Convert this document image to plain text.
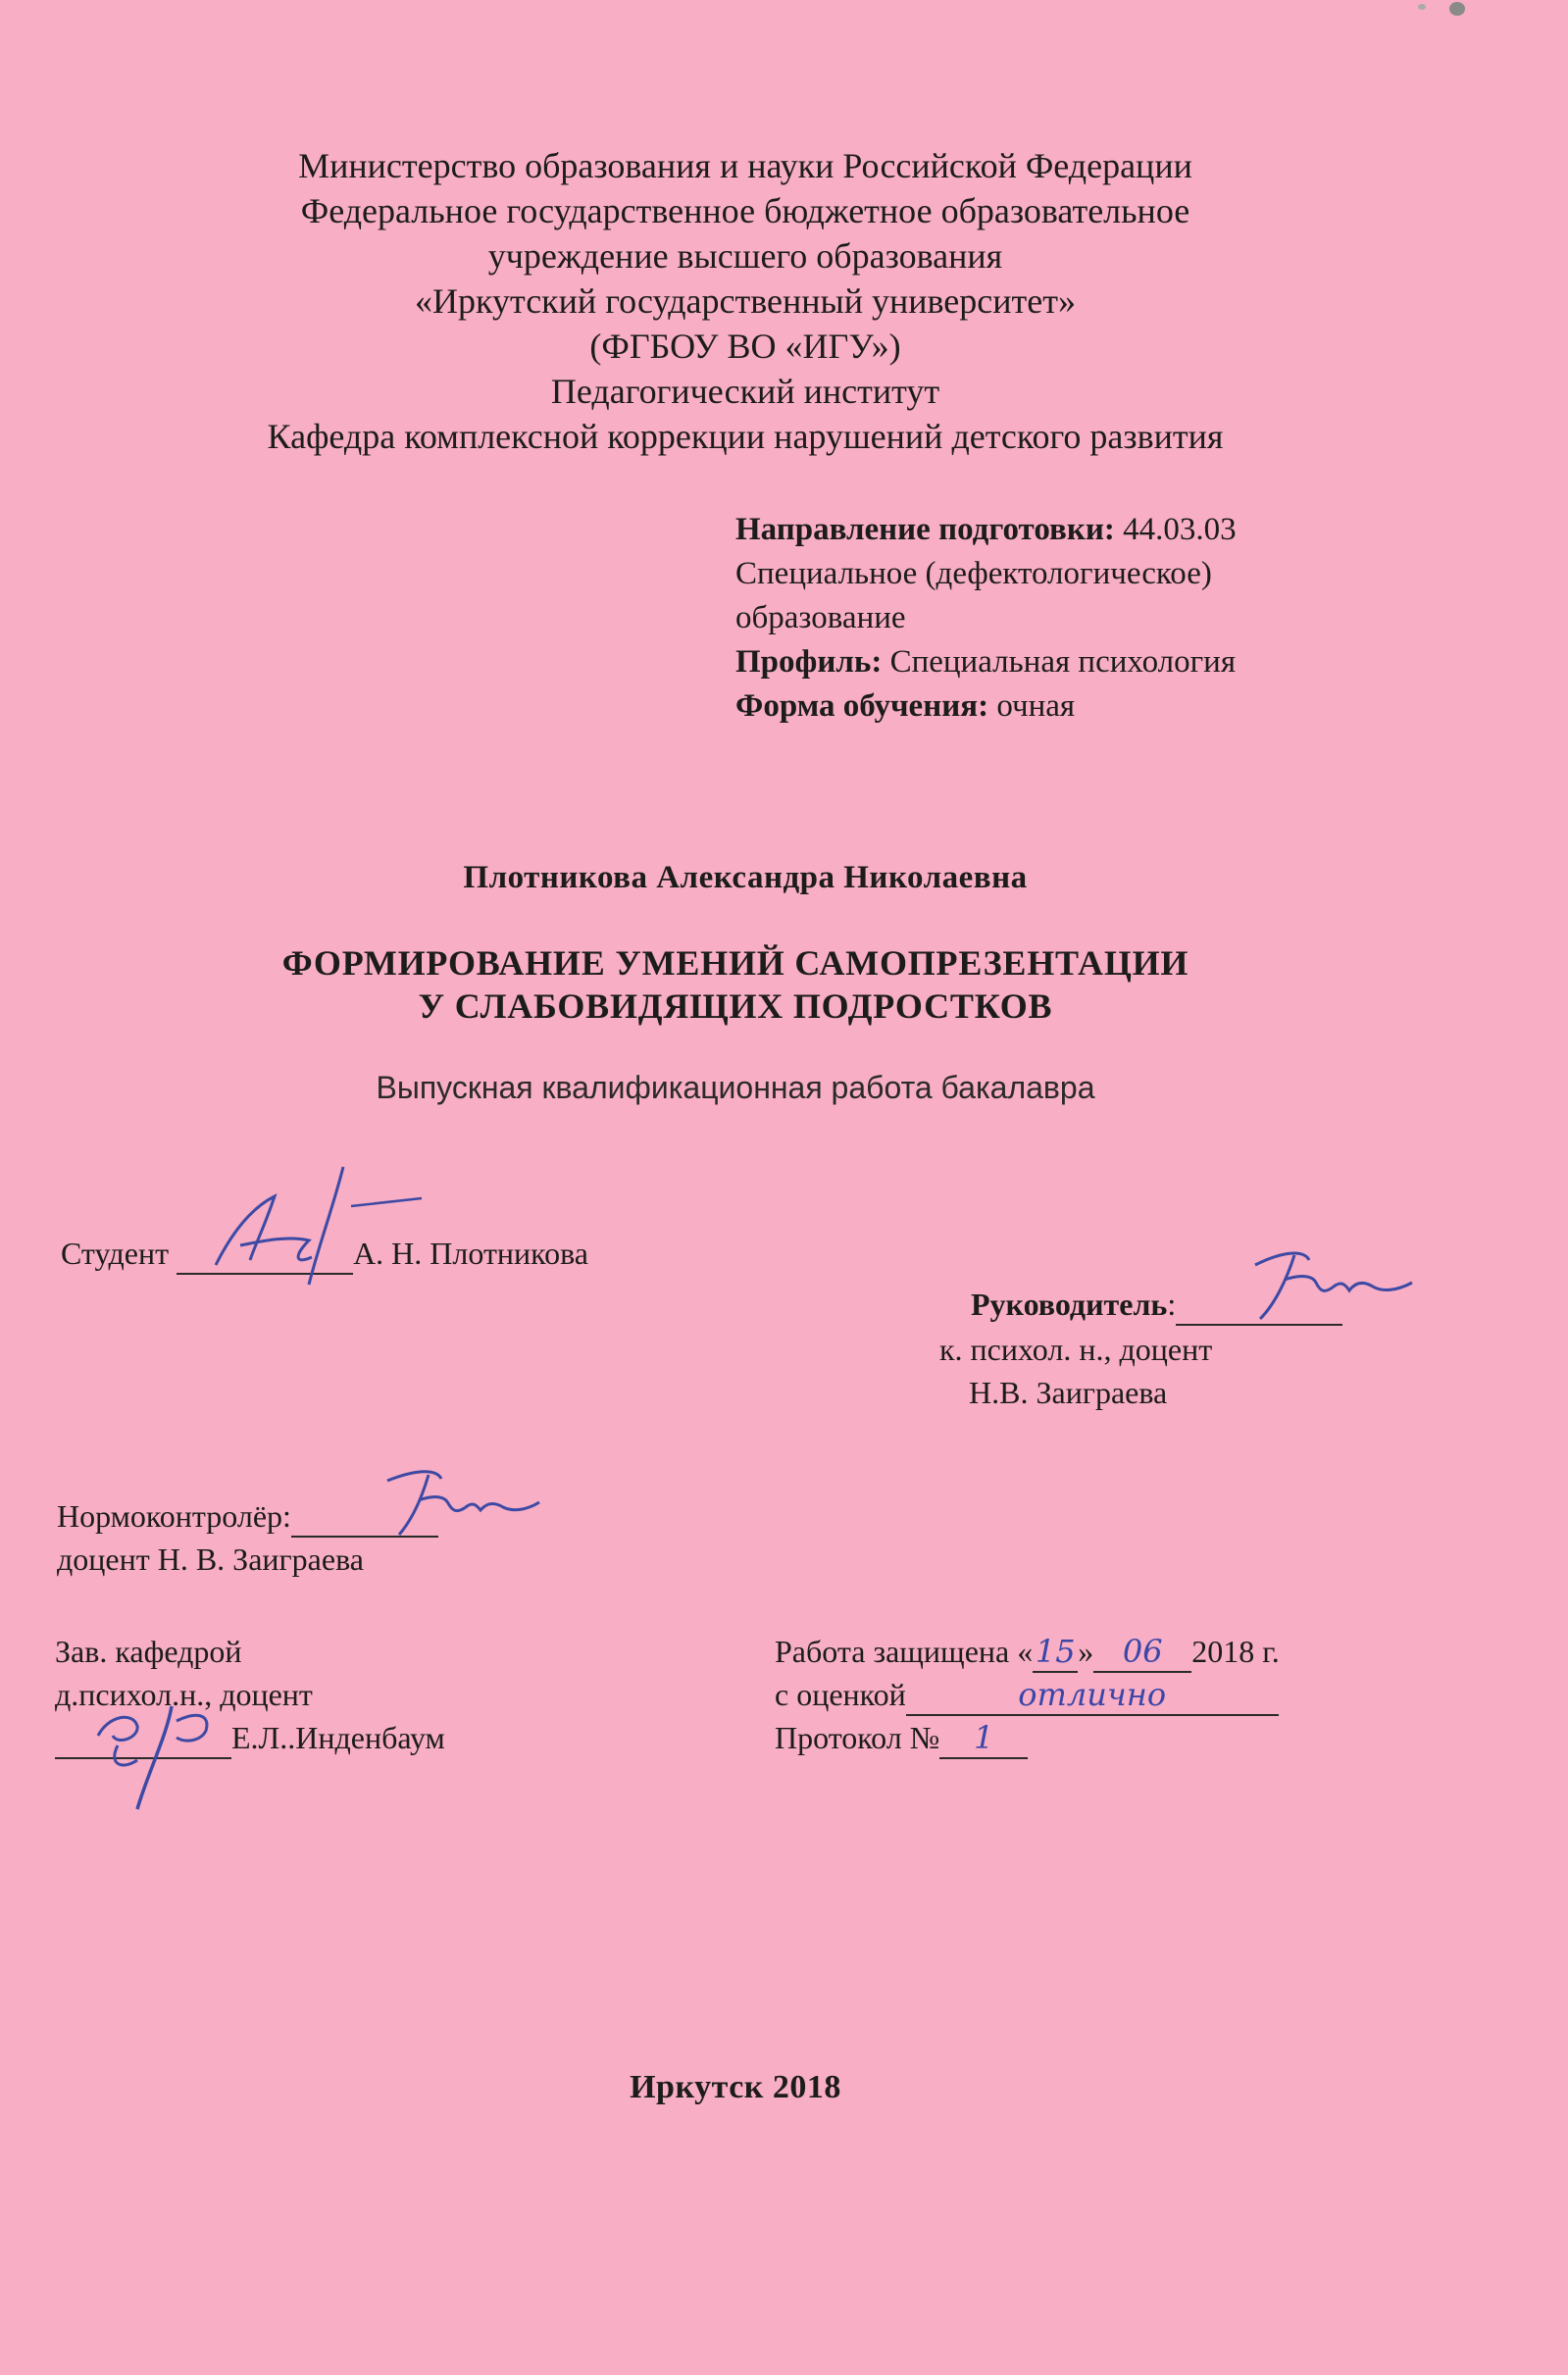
Министерство образования и науки Российской Федерации
Федеральное государственное бюджетное образовательное
учреждение высшего образования
«Иркутский государственный университет»
(ФГБОУ ВО «ИГУ»)
Педагогический институт
Кафедра комплексной коррекции нарушений детского развития
Направление подготовки: 44.03.03
Специальное (дефектологическое)
образование
Профиль: Специальная психология
Форма обучения: очная
Плотникова Александра Николаевна
ФОРМИРОВАНИЕ УМЕНИЙ САМОПРЕЗЕНТАЦИИ
У СЛАБОВИДЯЩИХ ПОДРОСТКОВ
Выпускная квалификационная работа бакалавра
Студент	А. Н. Плотникова
Руководитель:
к. психол. н., доцент
Н.В. Заиграева
Нормоконтролёр:
доцент Н. В. Заиграева
Зав. кафедрой
д.психол.н., доцент
Е.Л..Инденбаум
Работа защищена «15» 06 2018 г.
с оценкой	отлично
Протокол № 1
Иркутск 2018
